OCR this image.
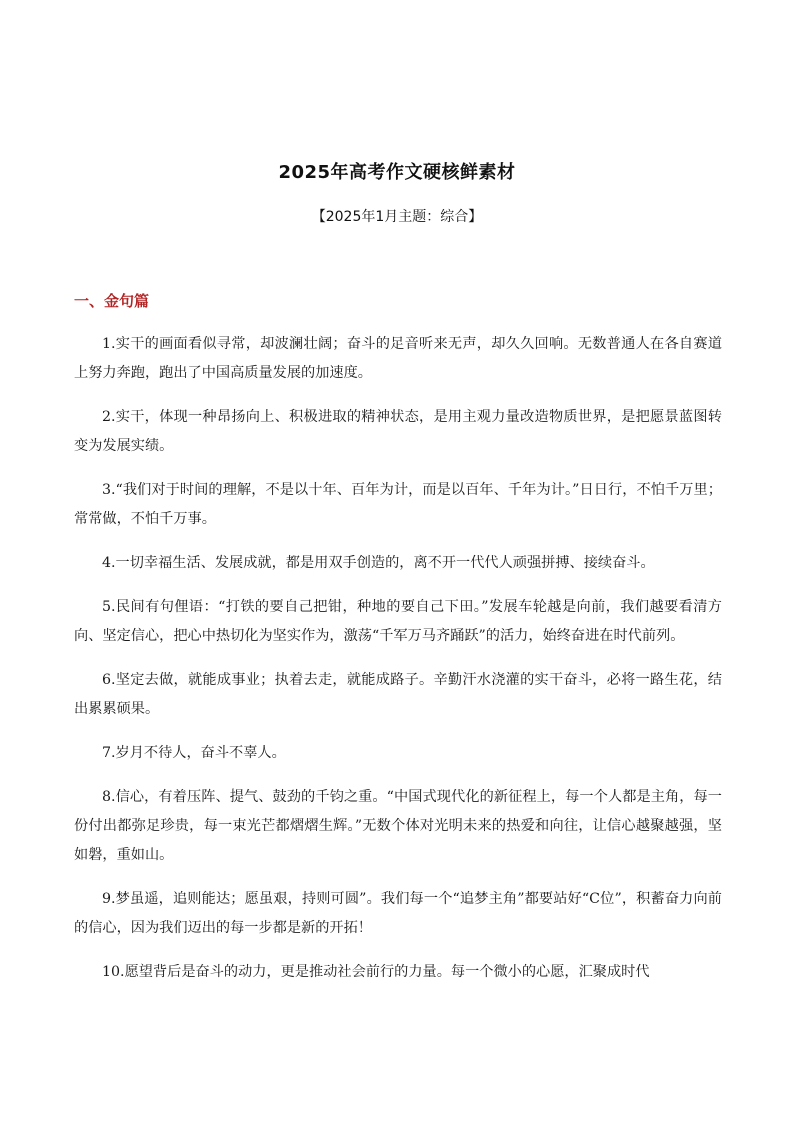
2025年高考作文硬核鲜素材

【2025年1月主题：综合】

一、金句篇
1.实干的画面看似寻常，却波澜壮阔；奋斗的足音听来无声，却久久回响。无数普通人在各自赛道上努力奔跑，跑出了中国高质量发展的加速度。
2.实干，体现一种昂扬向上、积极进取的精神状态，是用主观力量改造物质世界，是把愿景蓝图转变为发展实绩。
3.“我们对于时间的理解，不是以十年、百年为计，而是以百年、千年为计。”日日行，不怕千万里；常常做，不怕千万事。
4.一切幸福生活、发展成就，都是用双手创造的，离不开一代代人顽强拼搏、接续奋斗。
5.民间有句俚语：“打铁的要自己把钳，种地的要自己下田。”发展车轮越是向前，我们越要看清方向、坚定信心，把心中热切化为坚实作为，激荡“千军万马齐踊跃”的活力，始终奋进在时代前列。
6.坚定去做，就能成事业；执着去走，就能成路子。辛勤汗水浇灌的实干奋斗，必将一路生花，结出累累硕果。
7.岁月不待人，奋斗不辜人。
8.信心，有着压阵、提气、鼓劲的千钧之重。“中国式现代化的新征程上，每一个人都是主角，每一份付出都弥足珍贵，每一束光芒都熠熠生辉。”无数个体对光明未来的热爱和向往，让信心越聚越强，坚如磐，重如山。
9.梦虽遥，追则能达；愿虽艰，持则可圆”。我们每一个“追梦主角”都要站好“C位”，积蓄奋力向前的信心，因为我们迈出的每一步都是新的开拓！
10.愿望背后是奋斗的动力，更是推动社会前行的力量。每一个微小的心愿，汇聚成时代
